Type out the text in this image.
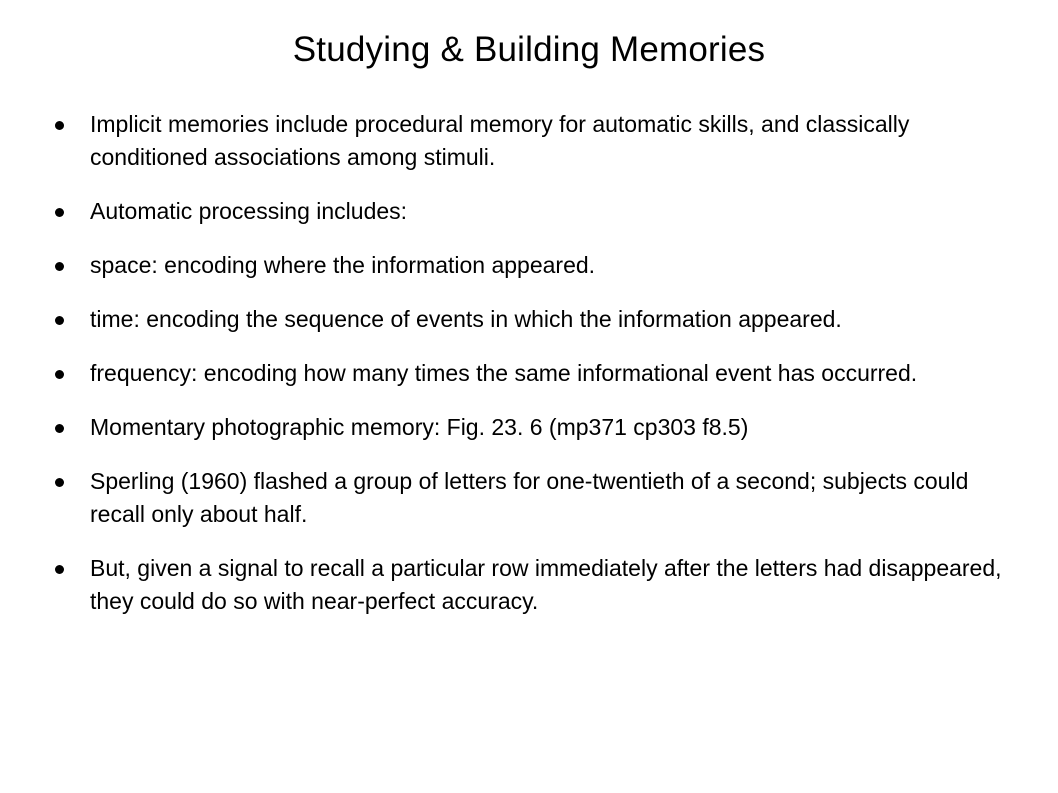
Studying & Building Memories
Implicit memories include procedural memory for automatic skills, and classically conditioned associations among stimuli.
Automatic processing includes:
space: encoding where the information appeared.
time: encoding the sequence of events in which the information appeared.
frequency: encoding how many times the same informational event has occurred.
Momentary photographic memory: Fig. 23. 6 (mp371 cp303 f8.5)
Sperling (1960) flashed a group of letters for one-twentieth of a second; subjects could recall only about half.
But, given a signal to recall a particular row immediately after the letters had disappeared, they could do so with near-perfect accuracy.
